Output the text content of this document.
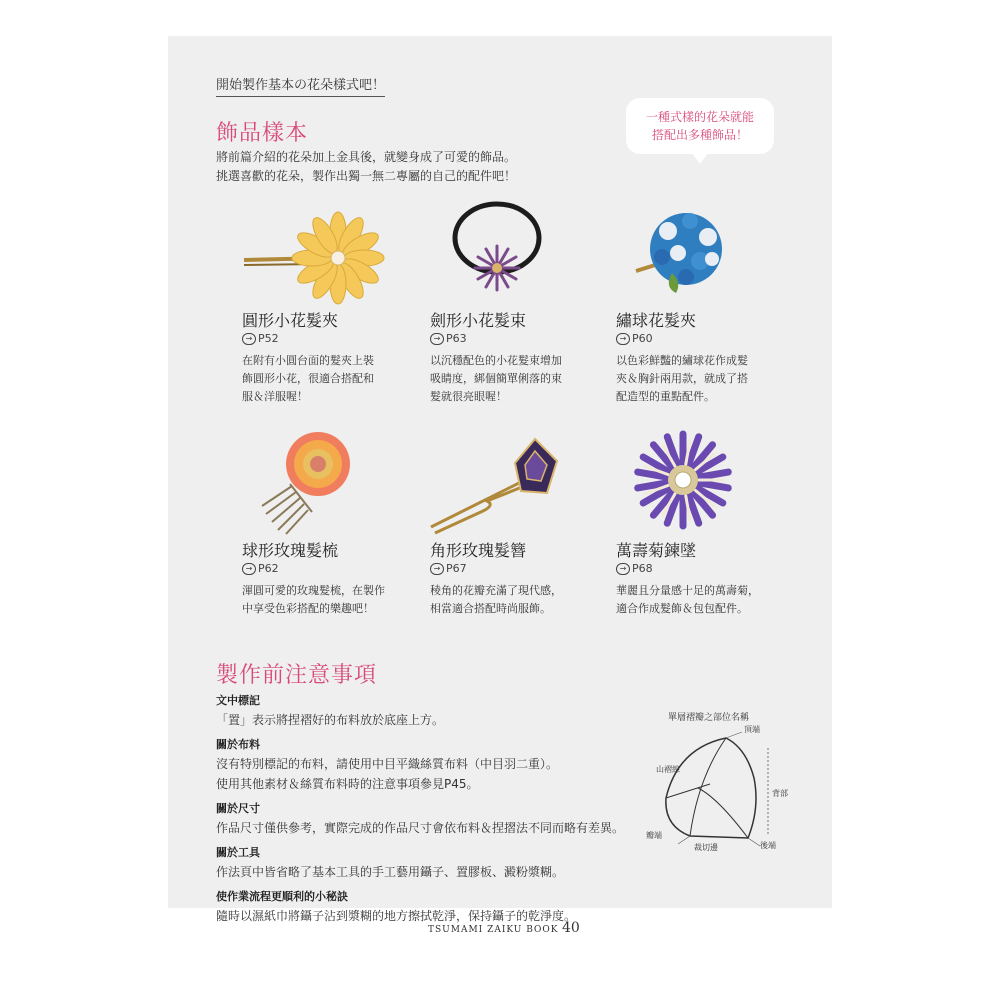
開始製作基本の花朵樣式吧！
飾品樣本
將前篇介紹的花朵加上金具後，就變身成了可愛的飾品。
挑選喜歡的花朵，製作出獨一無二專屬的自己的配件吧！
一種式樣的花朵就能
搭配出多種飾品！
圓形小花髮夾
→ P52
在附有小圓台面的髮夾上裝
飾圓形小花，很適合搭配和
服＆洋服喔！
劍形小花髮束
→ P63
以沉穩配色的小花髮束增加
吸睛度，綁個簡單俐落的束
髮就很亮眼喔！
繡球花髮夾
→ P60
以色彩鮮豔的繡球花作成髮
夾＆胸針兩用款，就成了搭
配造型的重點配件。
球形玫瑰髮梳
→ P62
渾圓可愛的玫瑰髮梳，在製作
中享受色彩搭配的樂趣吧！
角形玫瑰髮簪
→ P67
稜角的花瓣充滿了現代感，
相當適合搭配時尚服飾。
萬壽菊鍊墜
→ P68
華麗且分量感十足的萬壽菊，
適合作成髮飾＆包包配件。
製作前注意事項
文中標記
「置」表示將捏褶好的布料放於底座上方。
關於布料
沒有特別標記的布料，請使用中目平織絲質布料（中目羽二重）。
使用其他素材＆絲質布料時的注意事項參見P45。
關於尺寸
作品尺寸僅供參考，實際完成的作品尺寸會依布料＆捏摺法不同而略有差異。
關於工具
作法頁中皆省略了基本工具的手工藝用鑷子、置膠板、澱粉漿糊。
使作業流程更順利的小秘訣
隨時以濕紙巾將鑷子沾到漿糊的地方擦拭乾淨，保持鑷子的乾淨度。
單層褶瓣之部位名稱
頂端
山褶線
背部
瓣端
裁切邊	後端
TSUMAMI ZAIKU BOOK 40
